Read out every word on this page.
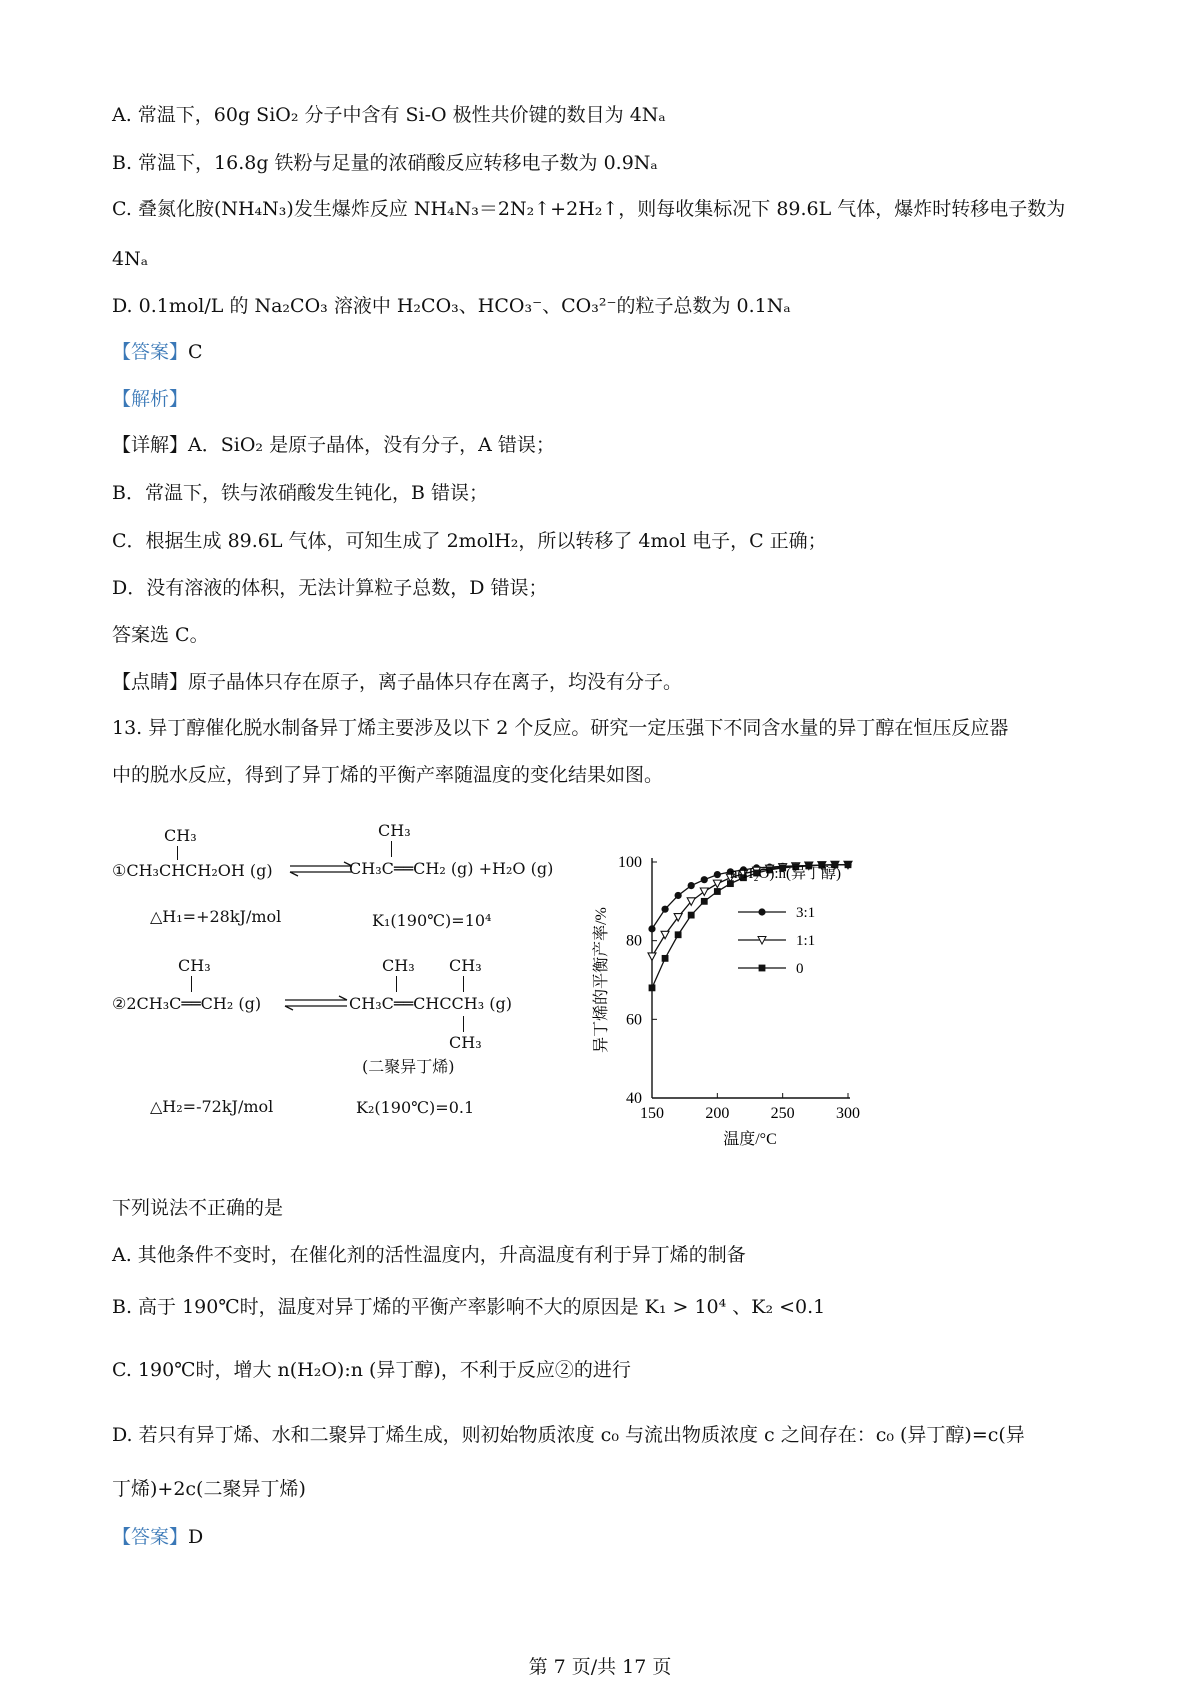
A. 常温下，60g SiO₂ 分子中含有 Si-O 极性共价键的数目为 4Nₐ
B. 常温下，16.8g 铁粉与足量的浓硝酸反应转移电子数为 0.9Nₐ
C. 叠氮化胺(NH₄N₃)发生爆炸反应 NH₄N₃＝2N₂↑+2H₂↑，则每收集标况下 89.6L 气体，爆炸时转移电子数为
4Nₐ
D. 0.1mol/L 的 Na₂CO₃ 溶液中 H₂CO₃、HCO₃⁻、CO₃²⁻的粒子总数为 0.1Nₐ
【答案】C
【解析】
【详解】A．SiO₂ 是原子晶体，没有分子，A 错误；
B．常温下，铁与浓硝酸发生钝化，B 错误；
C．根据生成 89.6L 气体，可知生成了 2molH₂，所以转移了 4mol 电子，C 正确；
D．没有溶液的体积，无法计算粒子总数，D 错误；
答案选 C。
【点睛】原子晶体只存在原子，离子晶体只存在离子，均没有分子。
13. 异丁醇催化脱水制备异丁烯主要涉及以下 2 个反应。研究一定压强下不同含水量的异丁醇在恒压反应器
中的脱水反应，得到了异丁烯的平衡产率随温度的变化结果如图。
CH₃
①CH₃CHCH₂OH (g)
CH₃
CH₃C══CH₂ (g) +H₂O (g)
△H₁=+28kJ/mol	K₁(190℃)=10⁴
CH₃
②2CH₃C══CH₂ (g)
CH₃ CH₃
CH₃C══CHCCH₃ (g)
CH₃
(二聚异丁烯)
△H₂=-72kJ/mol	K₂(190℃)=0.1	150	200	250	300
40
60
80
100
温度/°C
异丁烯的平衡产率/%
n(H₂O):n(异丁醇)
3:1
1:1
0
下列说法不正确的是
A. 其他条件不变时，在催化剂的活性温度内，升高温度有利于异丁烯的制备
B. 高于 190℃时，温度对异丁烯的平衡产率影响不大的原因是 K₁ > 10⁴ 、K₂ <0.1
C. 190℃时，增大 n(H₂O):n (异丁醇)，不利于反应②的进行
D. 若只有异丁烯、水和二聚异丁烯生成，则初始物质浓度 c₀ 与流出物质浓度 c 之间存在：c₀ (异丁醇)=c(异
丁烯)+2c(二聚异丁烯)
【答案】D
第 7 页/共 17 页
